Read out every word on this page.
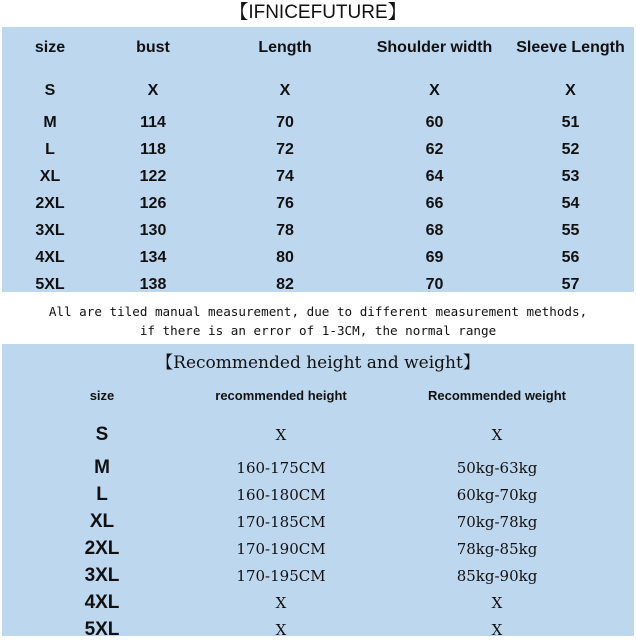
【IFNICEFUTURE】
size	bust	Length	Shoulder width	Sleeve Length
S	X	X	X	X
M	114	70	60	51
L	118	72	62	52
XL	122	74	64	53
2XL	126	76	66	54
3XL	130	78	68	55
4XL	134	80	69	56
5XL	138	82	70	57
All are tiled manual measurement, due to different measurement methods,
if there is an error of 1-3CM, the normal range
【Recommended height and weight】
size	recommended height	Recommended weight
S	X	X
M	160-175CM	50kg-63kg
L	160-180CM	60kg-70kg
XL	170-185CM	70kg-78kg
2XL	170-190CM	78kg-85kg
3XL	170-195CM	85kg-90kg
4XL	X	X
5XL	X	X
